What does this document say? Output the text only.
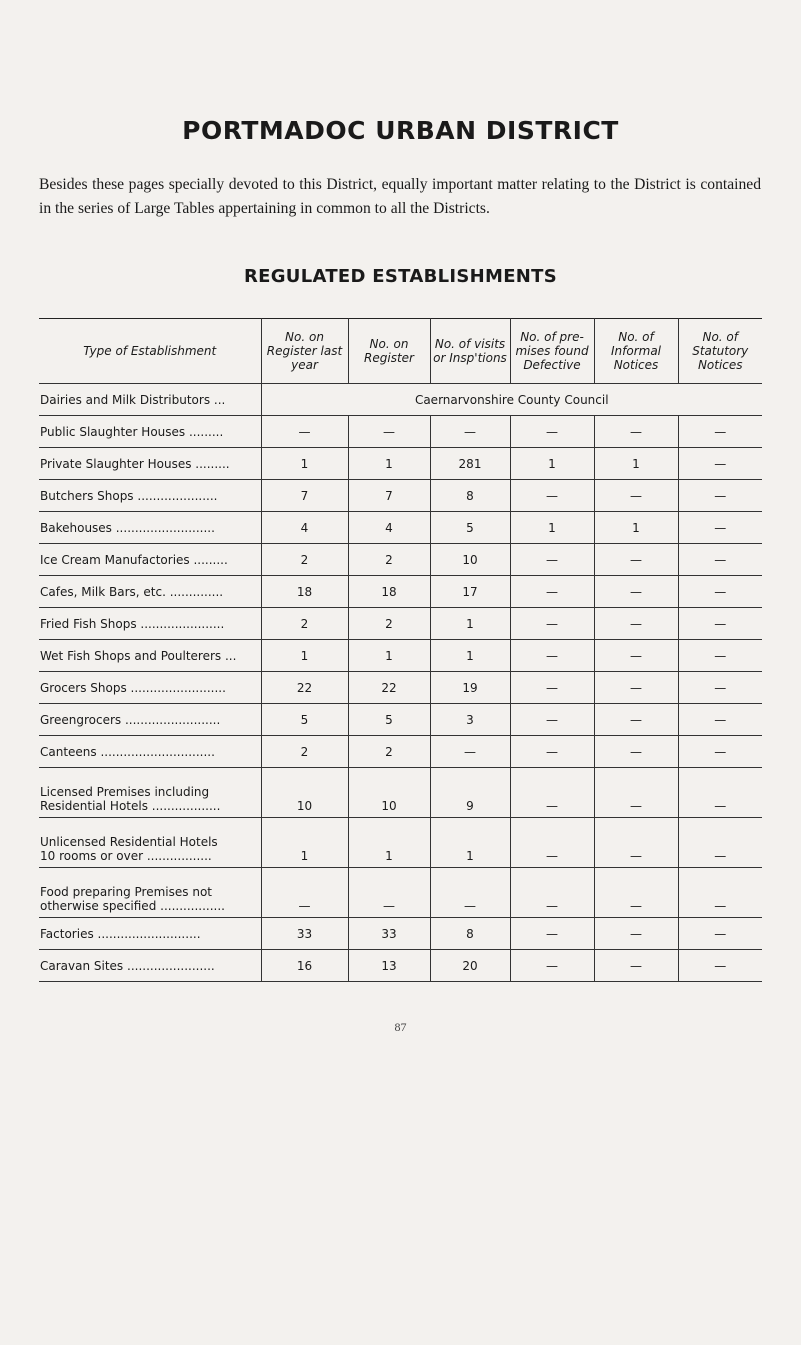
PORTMADOC URBAN DISTRICT

Besides these pages specially devoted to this District, equally important matter relating to the District is contained in the series of Large Tables appertaining in common to all the Districts.

REGULATED ESTABLISHMENTS
Type of Establishment	No. on Register last year	No. on Register	No. of visits or Insp'tions	No. of pre-mises found Defective	No. of Informal Notices	No. of Statutory Notices
Dairies and Milk Distributors ...	Caernarvonshire County Council					
Public Slaughter Houses .........	—	—	—	—	—	—
Private Slaughter Houses .........	1	1	281	1	1	—
Butchers Shops .....................	7	7	8	—	—	—
Bakehouses ..........................	4	4	5	1	1	—
Ice Cream Manufactories .........	2	2	10	—	—	—
Cafes, Milk Bars, etc. ..............	18	18	17	—	—	—
Fried Fish Shops ......................	2	2	1	—	—	—
Wet Fish Shops and Poulterers ...	1	1	1	—	—	—
Grocers Shops .........................	22	22	19	—	—	—
Greengrocers .........................	5	5	3	—	—	—
Canteens ..............................	2	2	—	—	—	—

Licensed Premises including
Residential Hotels ..................	10	10	9	—	—	—

Unlicensed Residential Hotels
10 rooms or over .................	1	1	1	—	—	—

Food preparing Premises not
otherwise specified .................	—	—	—	—	—	—
Factories ...........................	33	33	8	—	—	—
Caravan Sites .......................	16	13	20	—	—	—
87
